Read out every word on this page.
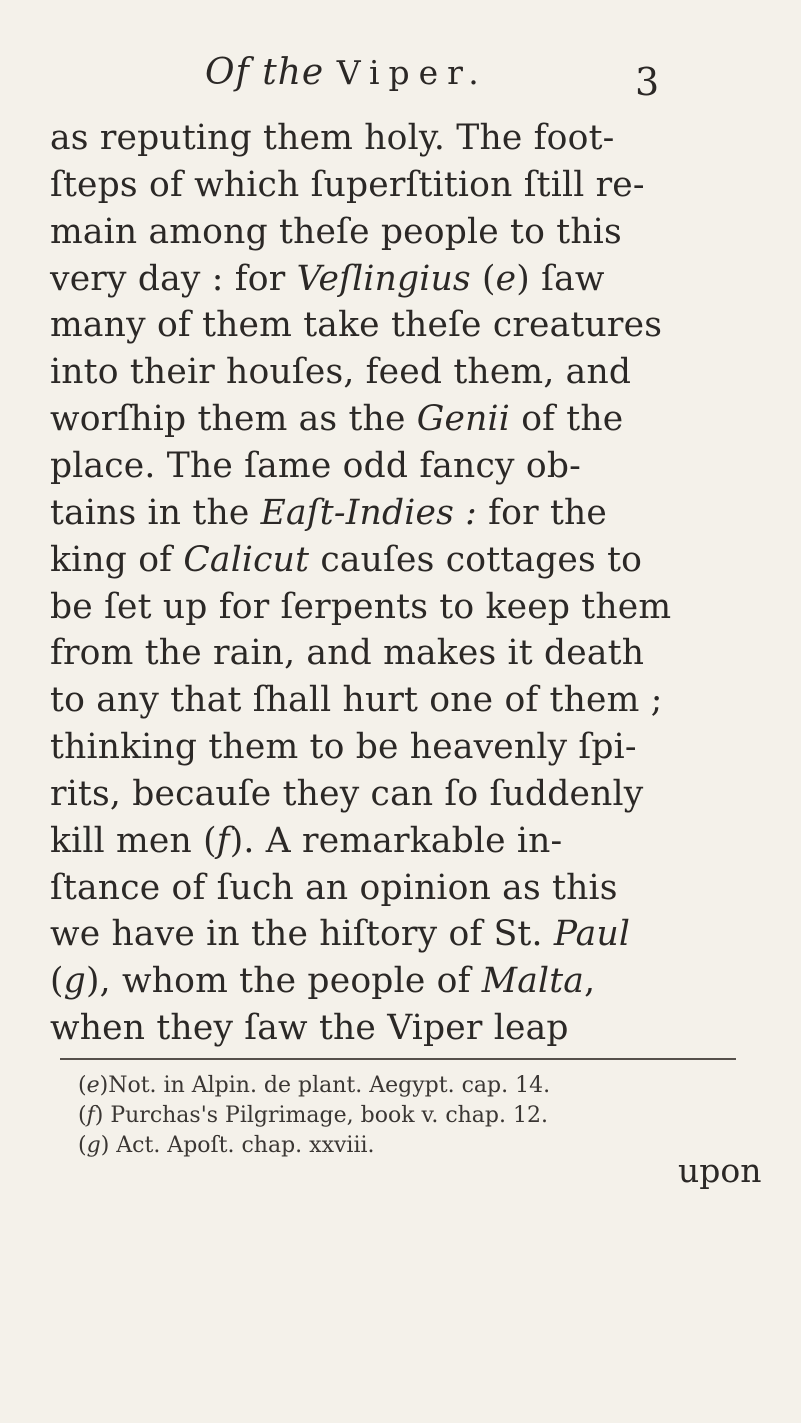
Of the Viper.	3
as reputing them holy. The foot-
ſteps of which ſuperſtition ſtill re-
main among theſe people to this
very day : for Veſlingius (e) ſaw
many of them take theſe creatures
into their houſes, feed them, and
worſhip them as the Genii of the
place. The ſame odd fancy ob-
tains in the Eaſt-Indies : for the
king of Calicut cauſes cottages to
be ſet up for ſerpents to keep them
from the rain, and makes it death
to any that ſhall hurt one of them ;
thinking them to be heavenly ſpi-
rits, becauſe they can ſo ſuddenly
kill men (f). A remarkable in-
ſtance of ſuch an opinion as this
we have in the hiſtory of St. Paul
(g), whom the people of Malta,
when they ſaw the Viper leap
(e)Not. in Alpin. de plant. Aegypt. cap. 14.
(f) Purchas's Pilgrimage, book v. chap. 12.
(g) Act. Apoſt. chap. xxviii.
upon
